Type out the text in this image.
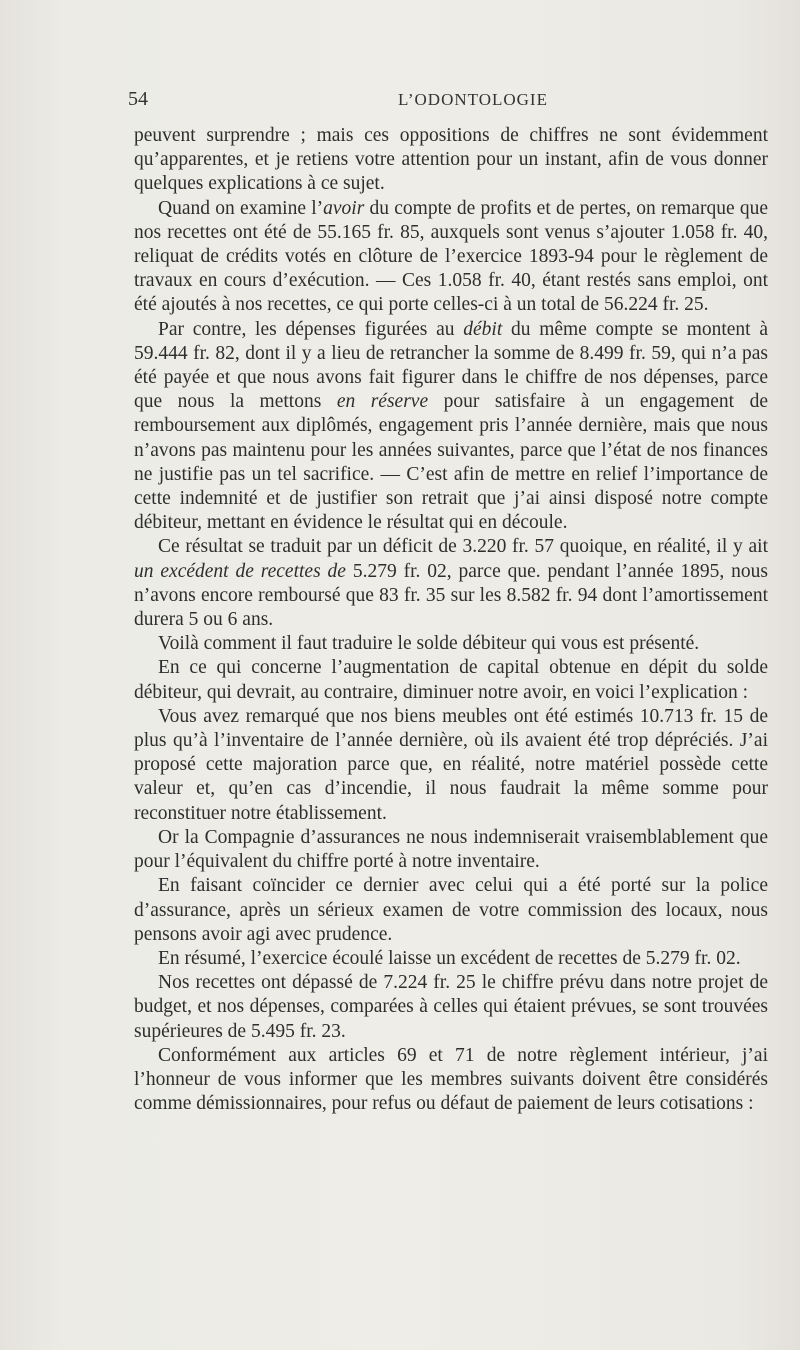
54	L’ODONTOLOGIE

peuvent surprendre ; mais ces oppositions de chiffres ne sont évidemment qu’apparentes, et je retiens votre attention pour un instant, afin de vous donner quelques explications à ce sujet.

Quand on examine l’avoir du compte de profits et de pertes, on remarque que nos recettes ont été de 55.165 fr. 85, auxquels sont venus s’ajouter 1.058 fr. 40, reliquat de crédits votés en clôture de l’exercice 1893-94 pour le règlement de travaux en cours d’exécution. — Ces 1.058 fr. 40, étant restés sans emploi, ont été ajoutés à nos recettes, ce qui porte celles-ci à un total de 56.224 fr. 25.

Par contre, les dépenses figurées au débit du même compte se montent à 59.444 fr. 82, dont il y a lieu de retrancher la somme de 8.499 fr. 59, qui n’a pas été payée et que nous avons fait figurer dans le chiffre de nos dépenses, parce que nous la mettons en réserve pour satisfaire à un engagement de remboursement aux diplômés, engagement pris l’année dernière, mais que nous n’avons pas maintenu pour les années suivantes, parce que l’état de nos finances ne justifie pas un tel sacrifice. — C’est afin de mettre en relief l’importance de cette indemnité et de justifier son retrait que j’ai ainsi disposé notre compte débiteur, mettant en évidence le résultat qui en découle.

Ce résultat se traduit par un déficit de 3.220 fr. 57 quoique, en réalité, il y ait un excédent de recettes de 5.279 fr. 02, parce que. pendant l’année 1895, nous n’avons encore remboursé que 83 fr. 35 sur les 8.582 fr. 94 dont l’amortissement durera 5 ou 6 ans.

Voilà comment il faut traduire le solde débiteur qui vous est présenté.

En ce qui concerne l’augmentation de capital obtenue en dépit du solde débiteur, qui devrait, au contraire, diminuer notre avoir, en voici l’explication :

Vous avez remarqué que nos biens meubles ont été estimés 10.713 fr. 15 de plus qu’à l’inventaire de l’année dernière, où ils avaient été trop dépréciés. J’ai proposé cette majoration parce que, en réalité, notre matériel possède cette valeur et, qu’en cas d’incendie, il nous faudrait la même somme pour reconstituer notre établissement.

Or la Compagnie d’assurances ne nous indemniserait vraisemblablement que pour l’équivalent du chiffre porté à notre inventaire.

En faisant coïncider ce dernier avec celui qui a été porté sur la police d’assurance, après un sérieux examen de votre commission des locaux, nous pensons avoir agi avec prudence.

En résumé, l’exercice écoulé laisse un excédent de recettes de 5.279 fr. 02.

Nos recettes ont dépassé de 7.224 fr. 25 le chiffre prévu dans notre projet de budget, et nos dépenses, comparées à celles qui étaient prévues, se sont trouvées supérieures de 5.495 fr. 23.

Conformément aux articles 69 et 71 de notre règlement intérieur, j’ai l’honneur de vous informer que les membres suivants doivent être considérés comme démissionnaires, pour refus ou défaut de paiement de leurs cotisations :
